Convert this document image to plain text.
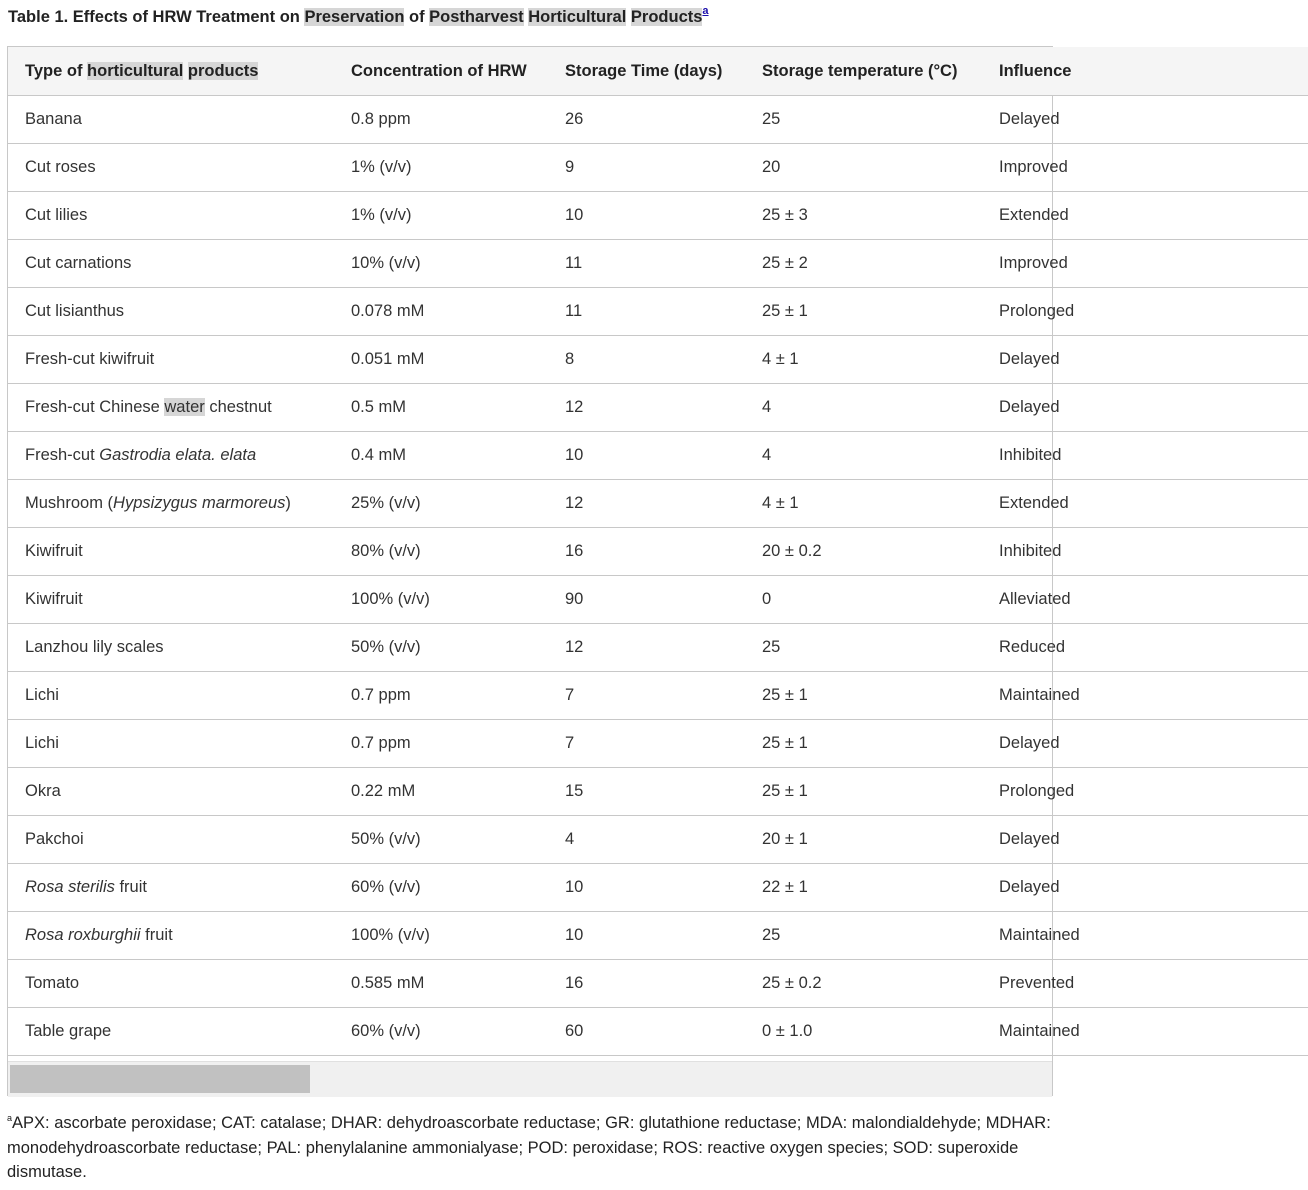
Table 1. Effects of HRW Treatment on Preservation of Postharvest Horticultural Products$^a$
Type of horticultural products	Concentration of HRW	Storage Time (days)	Storage temperature (°C)	Influence
Banana	0.8 ppm	26	25	Delayed
Cut roses	1% (v/v)	9	20	Improved
Cut lilies	1% (v/v)	10	25 ± 3	Extended
Cut carnations	10% (v/v)	11	25 ± 2	Improved
Cut lisianthus	0.078 mM	11	25 ± 1	Prolonged
Fresh-cut kiwifruit	0.051 mM	8	4 ± 1	Delayed
Fresh-cut Chinese water chestnut	0.5 mM	12	4	Delayed
Fresh-cut Gastrodia elata. elata	0.4 mM	10	4	Inhibited
Mushroom (Hypsizygus marmoreus)	25% (v/v)	12	4 ± 1	Extended
Kiwifruit	80% (v/v)	16	20 ± 0.2	Inhibited
Kiwifruit	100% (v/v)	90	0	Alleviated
Lanzhou lily scales	50% (v/v)	12	25	Reduced
Lichi	0.7 ppm	7	25 ± 1	Maintained
Lichi	0.7 ppm	7	25 ± 1	Delayed
Okra	0.22 mM	15	25 ± 1	Prolonged
Pakchoi	50% (v/v)	4	20 ± 1	Delayed
Rosa sterilis fruit	60% (v/v)	10	22 ± 1	Delayed
Rosa roxburghii fruit	100% (v/v)	10	25	Maintained
Tomato	0.585 mM	16	25 ± 0.2	Prevented
Table grape	60% (v/v)	60	0 ± 1.0	Maintained
$^a$APX: ascorbate peroxidase; CAT: catalase; DHAR: dehydroascorbate reductase; GR: glutathione reductase; MDA: malondialdehyde; MDHAR: monodehydroascorbate reductase; PAL: phenylalanine ammonialyase; POD: peroxidase; ROS: reactive oxygen species; SOD: superoxide dismutase.
